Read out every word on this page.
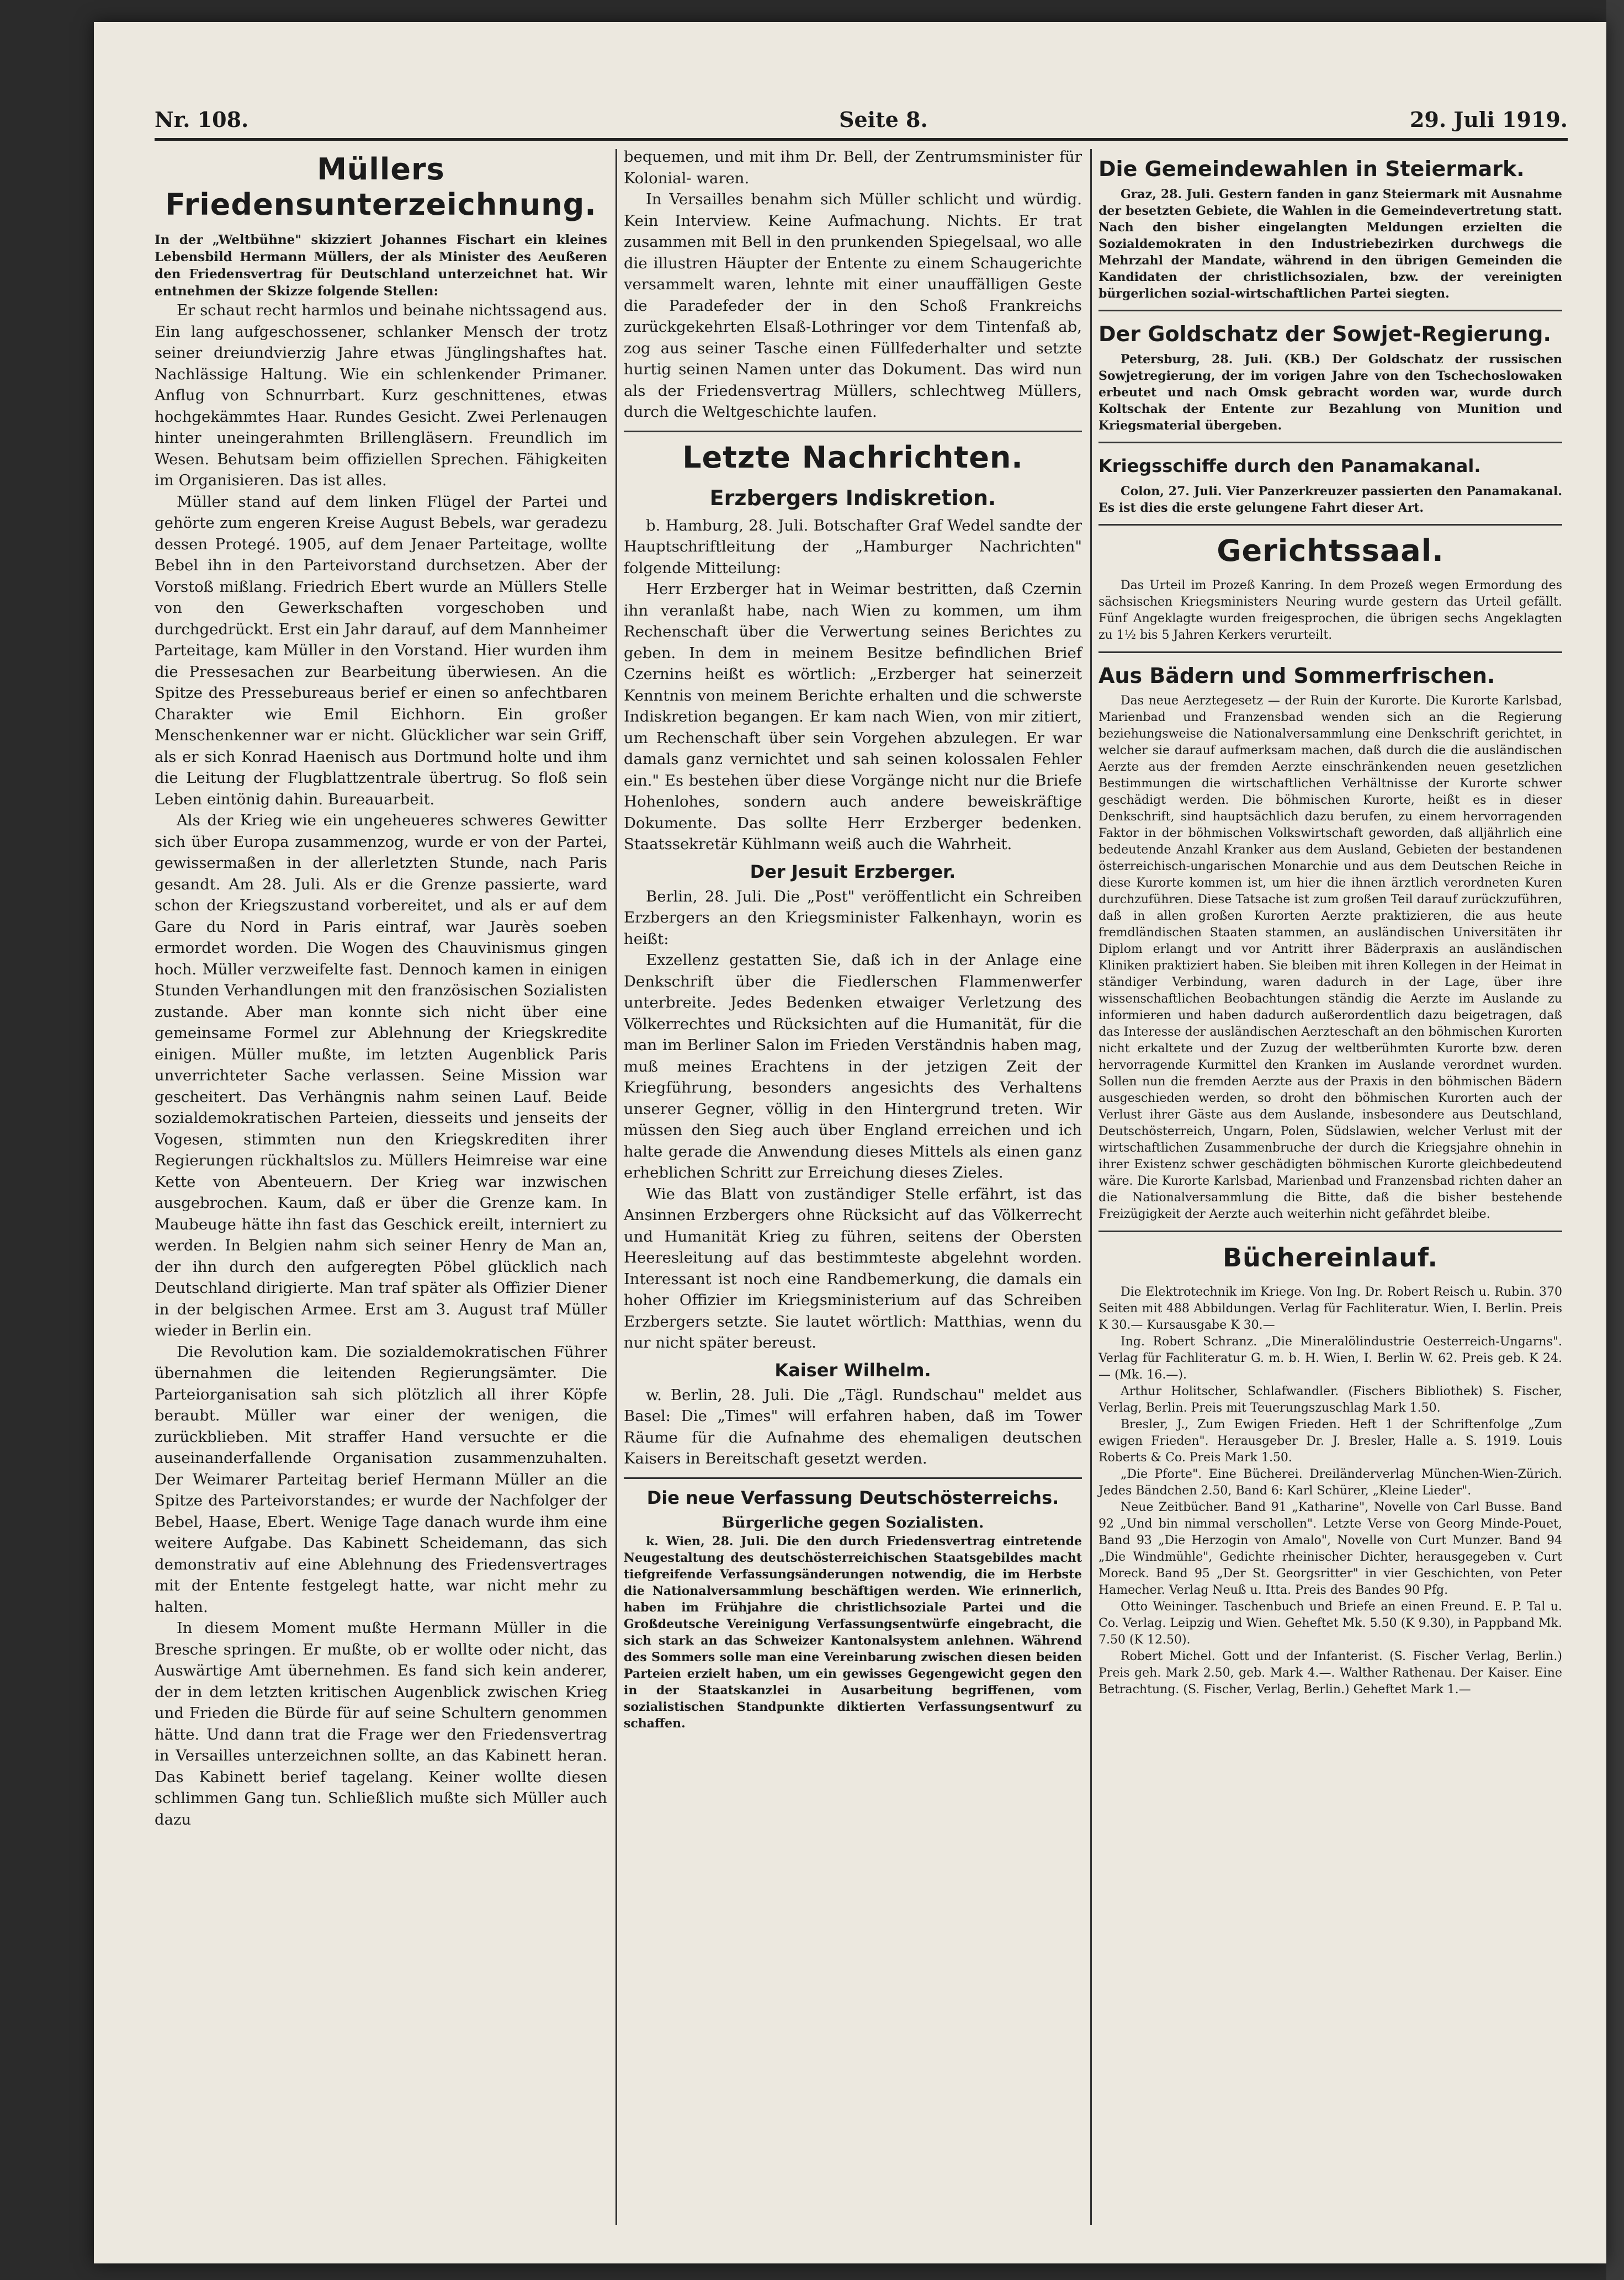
Nr. 108.	Seite 8.	29. Juli 1919.
Müllers Friedensunterzeichnung.

In der „Weltbühne" skizziert Johannes Fischart ein kleines Lebensbild Hermann Müllers, der als Minister des Aeußeren den Friedensvertrag für Deutschland unterzeichnet hat. Wir entnehmen der Skizze folgende Stellen:

Er schaut recht harmlos und beinahe nichtssagend aus. Ein lang aufgeschossener, schlanker Mensch der trotz seiner dreiundvierzig Jahre etwas Jünglingshaftes hat. Nachlässige Haltung. Wie ein schlenkender Primaner. Anflug von Schnurrbart. Kurz geschnittenes, etwas hochgekämmtes Haar. Rundes Gesicht. Zwei Perlenaugen hinter uneingerahmten Brillengläsern. Freundlich im Wesen. Behutsam beim offiziellen Sprechen. Fähigkeiten im Organisieren. Das ist alles.

Müller stand auf dem linken Flügel der Partei und gehörte zum engeren Kreise August Bebels, war geradezu dessen Protegé. 1905, auf dem Jenaer Parteitage, wollte Bebel ihn in den Parteivorstand durchsetzen. Aber der Vorstoß mißlang. Friedrich Ebert wurde an Müllers Stelle von den Gewerkschaften vorgeschoben und durchgedrückt. Erst ein Jahr darauf, auf dem Mannheimer Parteitage, kam Müller in den Vorstand. Hier wurden ihm die Pressesachen zur Bearbeitung überwiesen. An die Spitze des Pressebureaus berief er einen so anfechtbaren Charakter wie Emil Eichhorn. Ein großer Menschenkenner war er nicht. Glücklicher war sein Griff, als er sich Konrad Haenisch aus Dortmund holte und ihm die Leitung der Flugblattzentrale übertrug. So floß sein Leben eintönig dahin. Bureauarbeit.

Als der Krieg wie ein ungeheueres schweres Gewitter sich über Europa zusammenzog, wurde er von der Partei, gewissermaßen in der allerletzten Stunde, nach Paris gesandt. Am 28. Juli. Als er die Grenze passierte, ward schon der Kriegszustand vorbereitet, und als er auf dem Gare du Nord in Paris eintraf, war Jaurès soeben ermordet worden. Die Wogen des Chauvinismus gingen hoch. Müller verzweifelte fast. Dennoch kamen in einigen Stunden Verhandlungen mit den französischen Sozialisten zustande. Aber man konnte sich nicht über eine gemeinsame Formel zur Ablehnung der Kriegskredite einigen. Müller mußte, im letzten Augenblick Paris unverrichteter Sache verlassen. Seine Mission war gescheitert. Das Verhängnis nahm seinen Lauf. Beide sozialdemokratischen Parteien, diesseits und jenseits der Vogesen, stimmten nun den Kriegskrediten ihrer Regierungen rückhaltslos zu. Müllers Heimreise war eine Kette von Abenteuern. Der Krieg war inzwischen ausgebrochen. Kaum, daß er über die Grenze kam. In Maubeuge hätte ihn fast das Geschick ereilt, interniert zu werden. In Belgien nahm sich seiner Henry de Man an, der ihn durch den aufgeregten Pöbel glücklich nach Deutschland dirigierte. Man traf später als Offizier Diener in der belgischen Armee. Erst am 3. August traf Müller wieder in Berlin ein.

Die Revolution kam. Die sozialdemokratischen Führer übernahmen die leitenden Regierungsämter. Die Parteiorganisation sah sich plötzlich all ihrer Köpfe beraubt. Müller war einer der wenigen, die zurückblieben. Mit straffer Hand versuchte er die auseinanderfallende Organisation zusammenzuhalten. Der Weimarer Parteitag berief Hermann Müller an die Spitze des Parteivorstandes; er wurde der Nachfolger der Bebel, Haase, Ebert. Wenige Tage danach wurde ihm eine weitere Aufgabe. Das Kabinett Scheidemann, das sich demonstrativ auf eine Ablehnung des Friedensvertrages mit der Entente festgelegt hatte, war nicht mehr zu halten.

In diesem Moment mußte Hermann Müller in die Bresche springen. Er mußte, ob er wollte oder nicht, das Auswärtige Amt übernehmen. Es fand sich kein anderer, der in dem letzten kritischen Augenblick zwischen Krieg und Frieden die Bürde für auf seine Schultern genommen hätte. Und dann trat die Frage wer den Friedensvertrag in Versailles unterzeichnen sollte, an das Kabinett heran. Das Kabinett berief tagelang. Keiner wollte diesen schlimmen Gang tun. Schließlich mußte sich Müller auch dazu

bequemen, und mit ihm Dr. Bell, der Zentrumsminister für Kolonial- waren.

In Versailles benahm sich Müller schlicht und würdig. Kein Interview. Keine Aufmachung. Nichts. Er trat zusammen mit Bell in den prunkenden Spiegelsaal, wo alle die illustren Häupter der Entente zu einem Schaugerichte versammelt waren, lehnte mit einer unauffälligen Geste die Paradefeder der in den Schoß Frankreichs zurückgekehrten Elsaß-Lothringer vor dem Tintenfaß ab, zog aus seiner Tasche einen Füllfederhalter und setzte hurtig seinen Namen unter das Dokument. Das wird nun als der Friedensvertrag Müllers, schlechtweg Müllers, durch die Weltgeschichte laufen.

Letzte Nachrichten.
Erzbergers Indiskretion.

b. Hamburg, 28. Juli. Botschafter Graf Wedel sandte der Hauptschriftleitung der „Hamburger Nachrichten" folgende Mitteilung:

Herr Erzberger hat in Weimar bestritten, daß Czernin ihn veranlaßt habe, nach Wien zu kommen, um ihm Rechenschaft über die Verwertung seines Berichtes zu geben. In dem in meinem Besitze befindlichen Brief Czernins heißt es wörtlich: „Erzberger hat seinerzeit Kenntnis von meinem Berichte erhalten und die schwerste Indiskretion begangen. Er kam nach Wien, von mir zitiert, um Rechenschaft über sein Vorgehen abzulegen. Er war damals ganz vernichtet und sah seinen kolossalen Fehler ein." Es bestehen über diese Vorgänge nicht nur die Briefe Hohenlohes, sondern auch andere beweiskräftige Dokumente. Das sollte Herr Erzberger bedenken. Staatssekretär Kühlmann weiß auch die Wahrheit.

Der Jesuit Erzberger.

Berlin, 28. Juli. Die „Post" veröffentlicht ein Schreiben Erzbergers an den Kriegsminister Falkenhayn, worin es heißt:

Exzellenz gestatten Sie, daß ich in der Anlage eine Denkschrift über die Fiedlerschen Flammenwerfer unterbreite. Jedes Bedenken etwaiger Verletzung des Völkerrechtes und Rücksichten auf die Humanität, für die man im Berliner Salon im Frieden Verständnis haben mag, muß meines Erachtens in der jetzigen Zeit der Kriegführung, besonders angesichts des Verhaltens unserer Gegner, völlig in den Hintergrund treten. Wir müssen den Sieg auch über England erreichen und ich halte gerade die Anwendung dieses Mittels als einen ganz erheblichen Schritt zur Erreichung dieses Zieles.

Wie das Blatt von zuständiger Stelle erfährt, ist das Ansinnen Erzbergers ohne Rücksicht auf das Völkerrecht und Humanität Krieg zu führen, seitens der Obersten Heeresleitung auf das bestimmteste abgelehnt worden. Interessant ist noch eine Randbemerkung, die damals ein hoher Offizier im Kriegsministerium auf das Schreiben Erzbergers setzte. Sie lautet wörtlich: Matthias, wenn du nur nicht später bereust.

Kaiser Wilhelm.

w. Berlin, 28. Juli. Die „Tägl. Rundschau" meldet aus Basel: Die „Times" will erfahren haben, daß im Tower Räume für die Aufnahme des ehemaligen deutschen Kaisers in Bereitschaft gesetzt werden.

Die neue Verfassung Deutschösterreichs.

Bürgerliche gegen Sozialisten.

k. Wien, 28. Juli. Die den durch Friedensvertrag eintretende Neugestaltung des deutschösterreichischen Staatsgebildes macht tiefgreifende Verfassungsänderungen notwendig, die im Herbste die Nationalversammlung beschäftigen werden. Wie erinnerlich, haben im Frühjahre die christlichsoziale Partei und die Großdeutsche Vereinigung Verfassungsentwürfe eingebracht, die sich stark an das Schweizer Kantonalsystem anlehnen. Während des Sommers solle man eine Vereinbarung zwischen diesen beiden Parteien erzielt haben, um ein gewisses Gegengewicht gegen den in der Staatskanzlei in Ausarbeitung begriffenen, vom sozialistischen Standpunkte diktierten Verfassungsentwurf zu schaffen.

Die Gemeindewahlen in Steiermark.

Graz, 28. Juli. Gestern fanden in ganz Steiermark mit Ausnahme der besetzten Gebiete, die Wahlen in die Gemeindevertretung statt. Nach den bisher eingelangten Meldungen erzielten die Sozialdemokraten in den Industriebezirken durchwegs die Mehrzahl der Mandate, während in den übrigen Gemeinden die Kandidaten der christlichsozialen, bzw. der vereinigten bürgerlichen sozial-wirtschaftlichen Partei siegten.

Der Goldschatz der Sowjet-Regierung.

Petersburg, 28. Juli. (KB.) Der Goldschatz der russischen Sowjetregierung, der im vorigen Jahre von den Tschechoslowaken erbeutet und nach Omsk gebracht worden war, wurde durch Koltschak der Entente zur Bezahlung von Munition und Kriegsmaterial übergeben.

Kriegsschiffe durch den Panamakanal.

Colon, 27. Juli. Vier Panzerkreuzer passierten den Panamakanal. Es ist dies die erste gelungene Fahrt dieser Art.

Gerichtssaal.

Das Urteil im Prozeß Kanring. In dem Prozeß wegen Ermordung des sächsischen Kriegsministers Neuring wurde gestern das Urteil gefällt. Fünf Angeklagte wurden freigesprochen, die übrigen sechs Angeklagten zu 1½ bis 5 Jahren Kerkers verurteilt.

Aus Bädern und Sommerfrischen.

Das neue Aerztegesetz — der Ruin der Kurorte. Die Kurorte Karlsbad, Marienbad und Franzensbad wenden sich an die Regierung beziehungsweise die Nationalversammlung eine Denkschrift gerichtet, in welcher sie darauf aufmerksam machen, daß durch die die ausländischen Aerzte aus der fremden Aerzte einschränkenden neuen gesetzlichen Bestimmungen die wirtschaftlichen Verhältnisse der Kurorte schwer geschädigt werden. Die böhmischen Kurorte, heißt es in dieser Denkschrift, sind hauptsächlich dazu berufen, zu einem hervorragenden Faktor in der böhmischen Volkswirtschaft geworden, daß alljährlich eine bedeutende Anzahl Kranker aus dem Ausland, Gebieten der bestandenen österreichisch-ungarischen Monarchie und aus dem Deutschen Reiche in diese Kurorte kommen ist, um hier die ihnen ärztlich verordneten Kuren durchzuführen. Diese Tatsache ist zum großen Teil darauf zurückzuführen, daß in allen großen Kurorten Aerzte praktizieren, die aus heute fremdländischen Staaten stammen, an ausländischen Universitäten ihr Diplom erlangt und vor Antritt ihrer Bäderpraxis an ausländischen Kliniken praktiziert haben. Sie bleiben mit ihren Kollegen in der Heimat in ständiger Verbindung, waren dadurch in der Lage, über ihre wissenschaftlichen Beobachtungen ständig die Aerzte im Auslande zu informieren und haben dadurch außerordentlich dazu beigetragen, daß das Interesse der ausländischen Aerzteschaft an den böhmischen Kurorten nicht erkaltete und der Zuzug der weltberühmten Kurorte bzw. deren hervorragende Kurmittel den Kranken im Auslande verordnet wurden. Sollen nun die fremden Aerzte aus der Praxis in den böhmischen Bädern ausgeschieden werden, so droht den böhmischen Kurorten auch der Verlust ihrer Gäste aus dem Auslande, insbesondere aus Deutschland, Deutschösterreich, Ungarn, Polen, Südslawien, welcher Verlust mit der wirtschaftlichen Zusammenbruche der durch die Kriegsjahre ohnehin in ihrer Existenz schwer geschädigten böhmischen Kurorte gleichbedeutend wäre. Die Kurorte Karlsbad, Marienbad und Franzensbad richten daher an die Nationalversammlung die Bitte, daß die bisher bestehende Freizügigkeit der Aerzte auch weiterhin nicht gefährdet bleibe.

Büchereinlauf.

Die Elektrotechnik im Kriege. Von Ing. Dr. Robert Reisch u. Rubin. 370 Seiten mit 488 Abbildungen. Verlag für Fachliteratur. Wien, I. Berlin. Preis K 30.— Kursausgabe K 30.—

Ing. Robert Schranz. „Die Mineralölindustrie Oesterreich-Ungarns". Verlag für Fachliteratur G. m. b. H. Wien, I. Berlin W. 62. Preis geb. K 24.— (Mk. 16.—).

Arthur Holitscher, Schlafwandler. (Fischers Bibliothek) S. Fischer, Verlag, Berlin. Preis mit Teuerungszuschlag Mark 1.50.

Bresler, J., Zum Ewigen Frieden. Heft 1 der Schriftenfolge „Zum ewigen Frieden". Herausgeber Dr. J. Bresler, Halle a. S. 1919. Louis Roberts & Co. Preis Mark 1.50.

„Die Pforte". Eine Bücherei. Dreiländerverlag München-Wien-Zürich. Jedes Bändchen 2.50, Band 6: Karl Schürer, „Kleine Lieder".

Neue Zeitbücher. Band 91 „Katharine", Novelle von Carl Busse. Band 92 „Und bin nimmal verschollen". Letzte Verse von Georg Minde-Pouet, Band 93 „Die Herzogin von Amalo", Novelle von Curt Munzer. Band 94 „Die Windmühle", Gedichte rheinischer Dichter, herausgegeben v. Curt Moreck. Band 95 „Der St. Georgsritter" in vier Geschichten, von Peter Hamecher. Verlag Neuß u. Itta. Preis des Bandes 90 Pfg.

Otto Weininger. Taschenbuch und Briefe an einen Freund. E. P. Tal u. Co. Verlag. Leipzig und Wien. Geheftet Mk. 5.50 (K 9.30), in Pappband Mk. 7.50 (K 12.50).

Robert Michel. Gott und der Infanterist. (S. Fischer Verlag, Berlin.) Preis geh. Mark 2.50, geb. Mark 4.—. Walther Rathenau. Der Kaiser. Eine Betrachtung. (S. Fischer, Verlag, Berlin.) Geheftet Mark 1.—
